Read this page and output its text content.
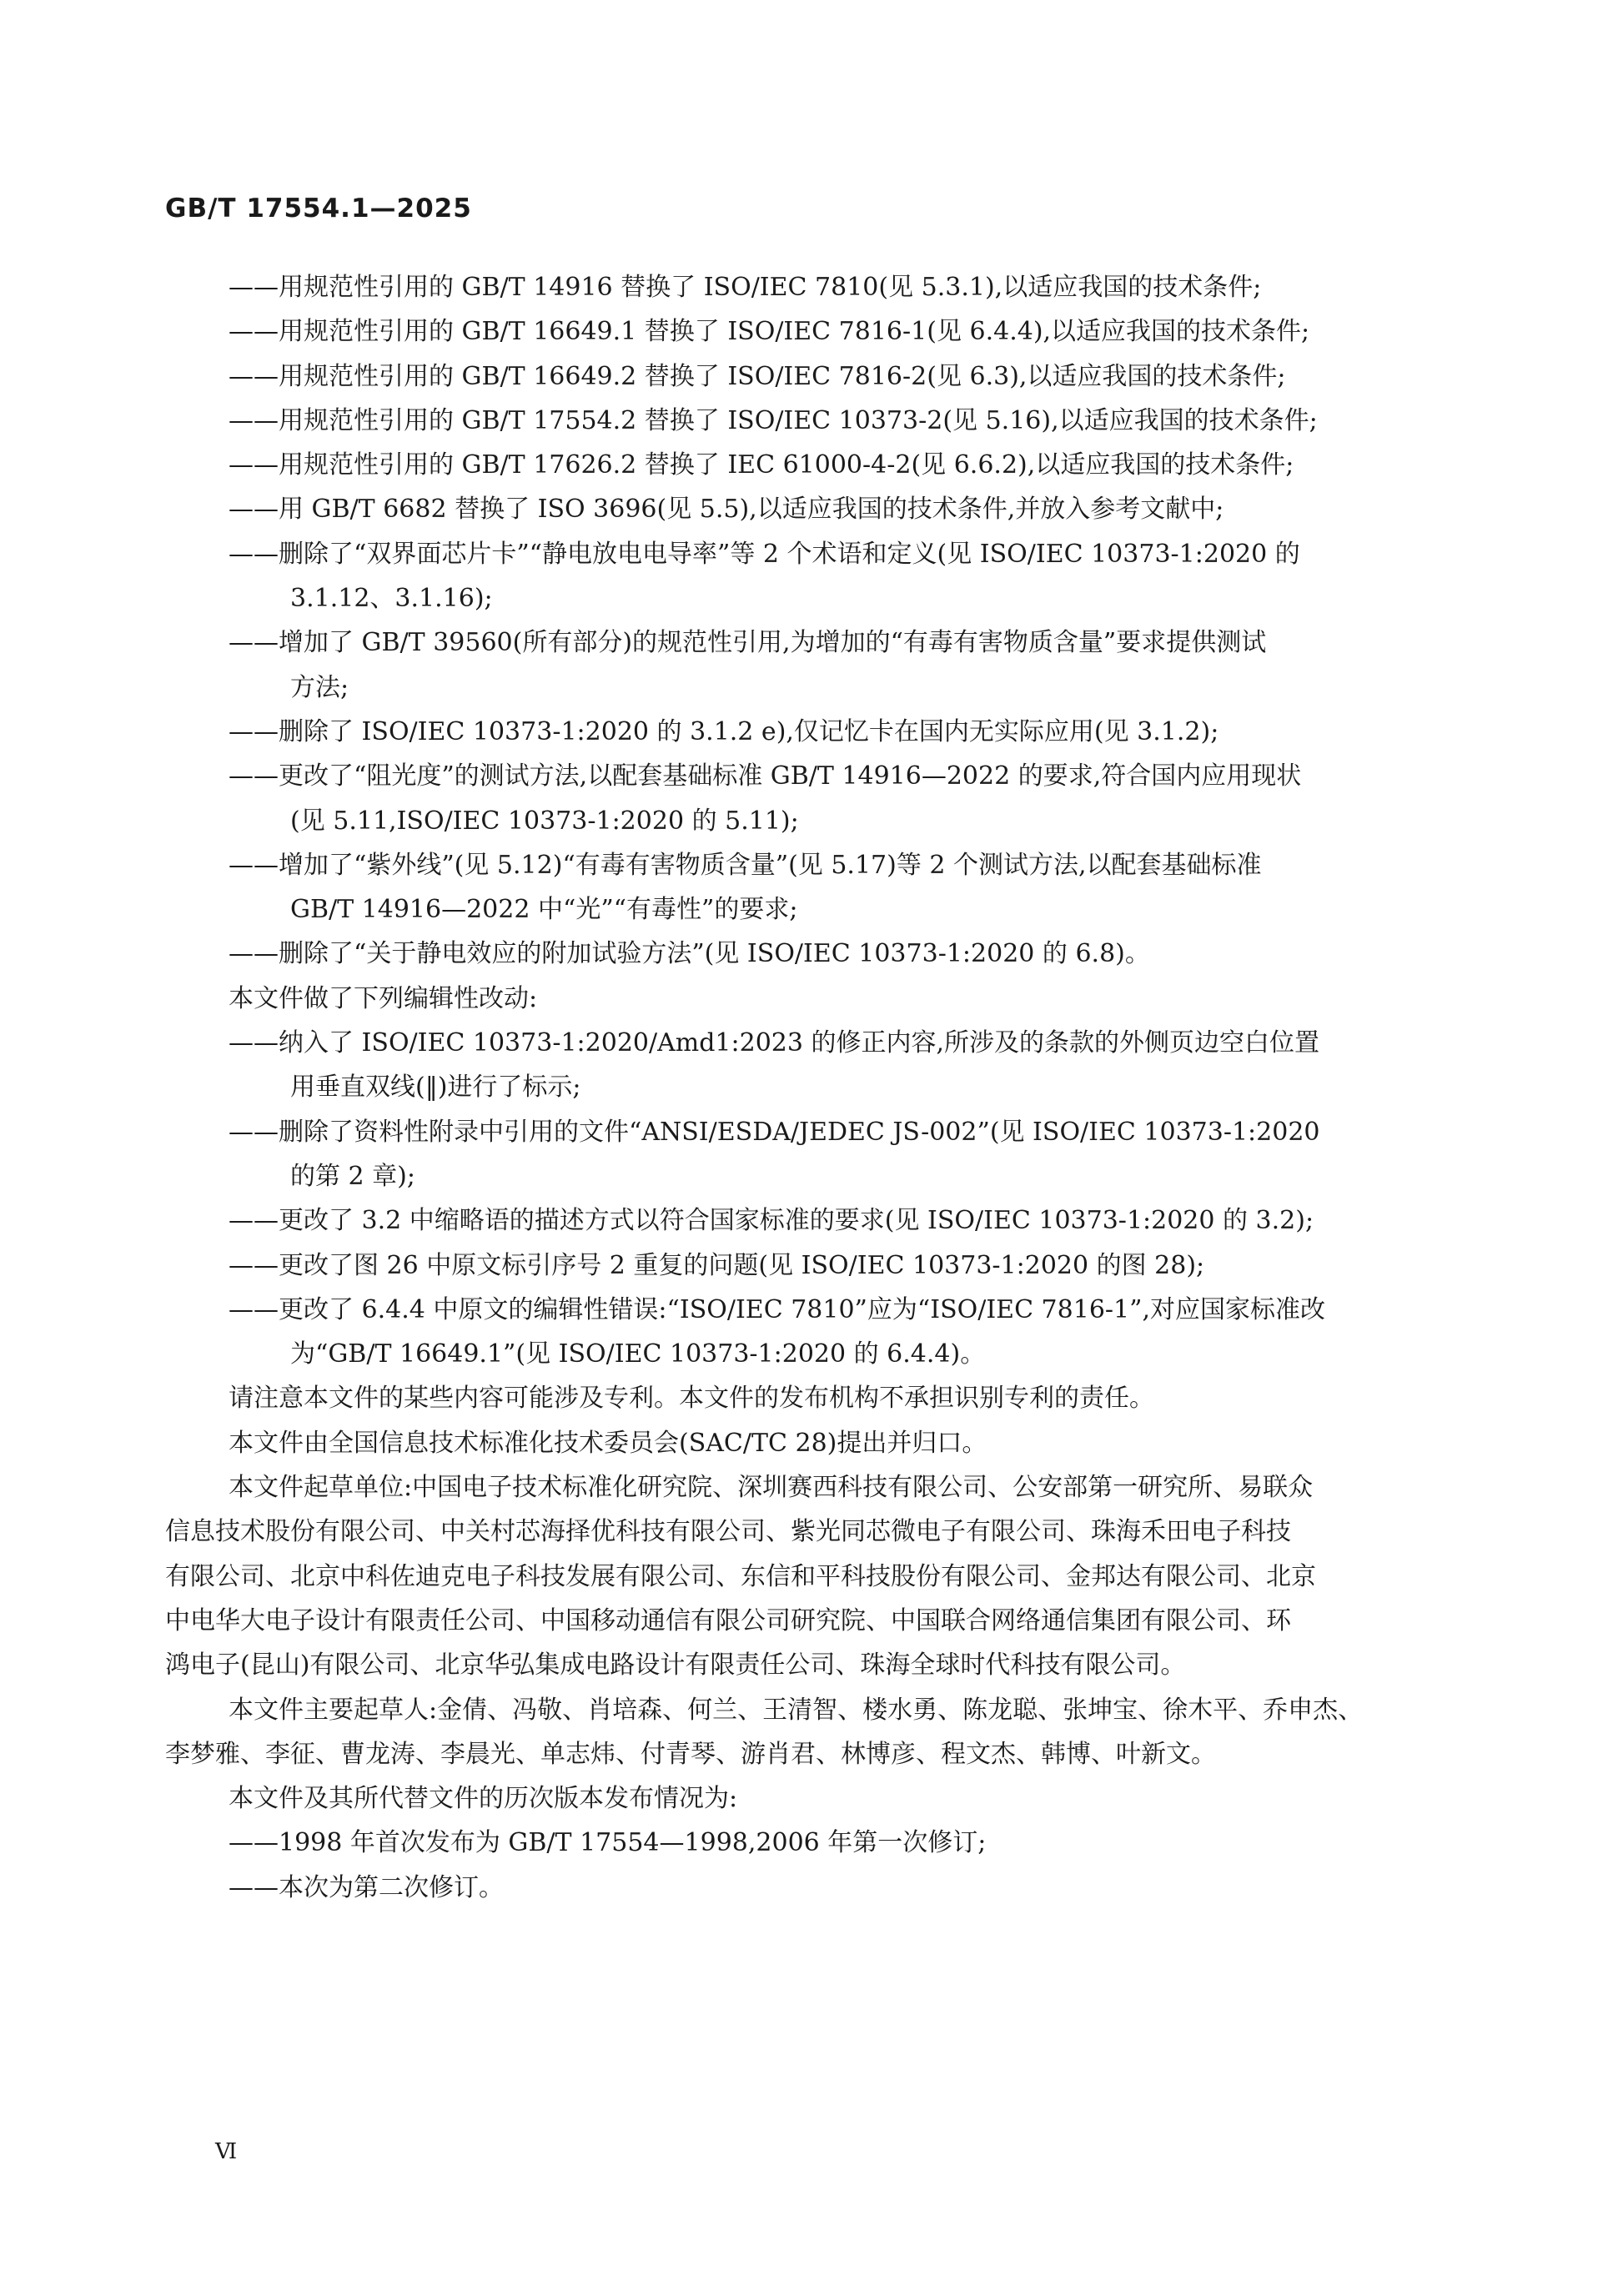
GB/T 17554.1—2025
——用规范性引用的 GB/T 14916 替换了 ISO/IEC 7810(见 5.3.1),以适应我国的技术条件;
——用规范性引用的 GB/T 16649.1 替换了 ISO/IEC 7816-1(见 6.4.4),以适应我国的技术条件;
——用规范性引用的 GB/T 16649.2 替换了 ISO/IEC 7816-2(见 6.3),以适应我国的技术条件;
——用规范性引用的 GB/T 17554.2 替换了 ISO/IEC 10373-2(见 5.16),以适应我国的技术条件;
——用规范性引用的 GB/T 17626.2 替换了 IEC 61000-4-2(见 6.6.2),以适应我国的技术条件;
——用 GB/T 6682 替换了 ISO 3696(见 5.5),以适应我国的技术条件,并放入参考文献中;
——删除了“双界面芯片卡”“静电放电电导率”等 2 个术语和定义(见 ISO/IEC 10373-1:2020 的
3.1.12、3.1.16);
——增加了 GB/T 39560(所有部分)的规范性引用,为增加的“有毒有害物质含量”要求提供测试
方法;
——删除了 ISO/IEC 10373-1:2020 的 3.1.2 e),仅记忆卡在国内无实际应用(见 3.1.2);
——更改了“阻光度”的测试方法,以配套基础标准 GB/T 14916—2022 的要求,符合国内应用现状
(见 5.11,ISO/IEC 10373-1:2020 的 5.11);
——增加了“紫外线”(见 5.12)“有毒有害物质含量”(见 5.17)等 2 个测试方法,以配套基础标准
GB/T 14916—2022 中“光”“有毒性”的要求;
——删除了“关于静电效应的附加试验方法”(见 ISO/IEC 10373-1:2020 的 6.8)。
本文件做了下列编辑性改动:
——纳入了 ISO/IEC 10373-1:2020/Amd1:2023 的修正内容,所涉及的条款的外侧页边空白位置
用垂直双线(‖)进行了标示;
——删除了资料性附录中引用的文件“ANSI/ESDA/JEDEC JS-002”(见 ISO/IEC 10373-1:2020
的第 2 章);
——更改了 3.2 中缩略语的描述方式以符合国家标准的要求(见 ISO/IEC 10373-1:2020 的 3.2);
——更改了图 26 中原文标引序号 2 重复的问题(见 ISO/IEC 10373-1:2020 的图 28);
——更改了 6.4.4 中原文的编辑性错误:“ISO/IEC 7810”应为“ISO/IEC 7816-1”,对应国家标准改
为“GB/T 16649.1”(见 ISO/IEC 10373-1:2020 的 6.4.4)。
请注意本文件的某些内容可能涉及专利。本文件的发布机构不承担识别专利的责任。
本文件由全国信息技术标准化技术委员会(SAC/TC 28)提出并归口。
本文件起草单位:中国电子技术标准化研究院、深圳赛西科技有限公司、公安部第一研究所、易联众
信息技术股份有限公司、中关村芯海择优科技有限公司、紫光同芯微电子有限公司、珠海禾田电子科技
有限公司、北京中科佐迪克电子科技发展有限公司、东信和平科技股份有限公司、金邦达有限公司、北京
中电华大电子设计有限责任公司、中国移动通信有限公司研究院、中国联合网络通信集团有限公司、环
鸿电子(昆山)有限公司、北京华弘集成电路设计有限责任公司、珠海全球时代科技有限公司。
本文件主要起草人:金倩、冯敬、肖培森、何兰、王清智、楼水勇、陈龙聪、张坤宝、徐木平、乔申杰、
李梦雅、李征、曹龙涛、李晨光、单志炜、付青琴、游肖君、林博彦、程文杰、韩博、叶新文。
本文件及其所代替文件的历次版本发布情况为:
——1998 年首次发布为 GB/T 17554—1998,2006 年第一次修订;
——本次为第二次修订。
Ⅵ
